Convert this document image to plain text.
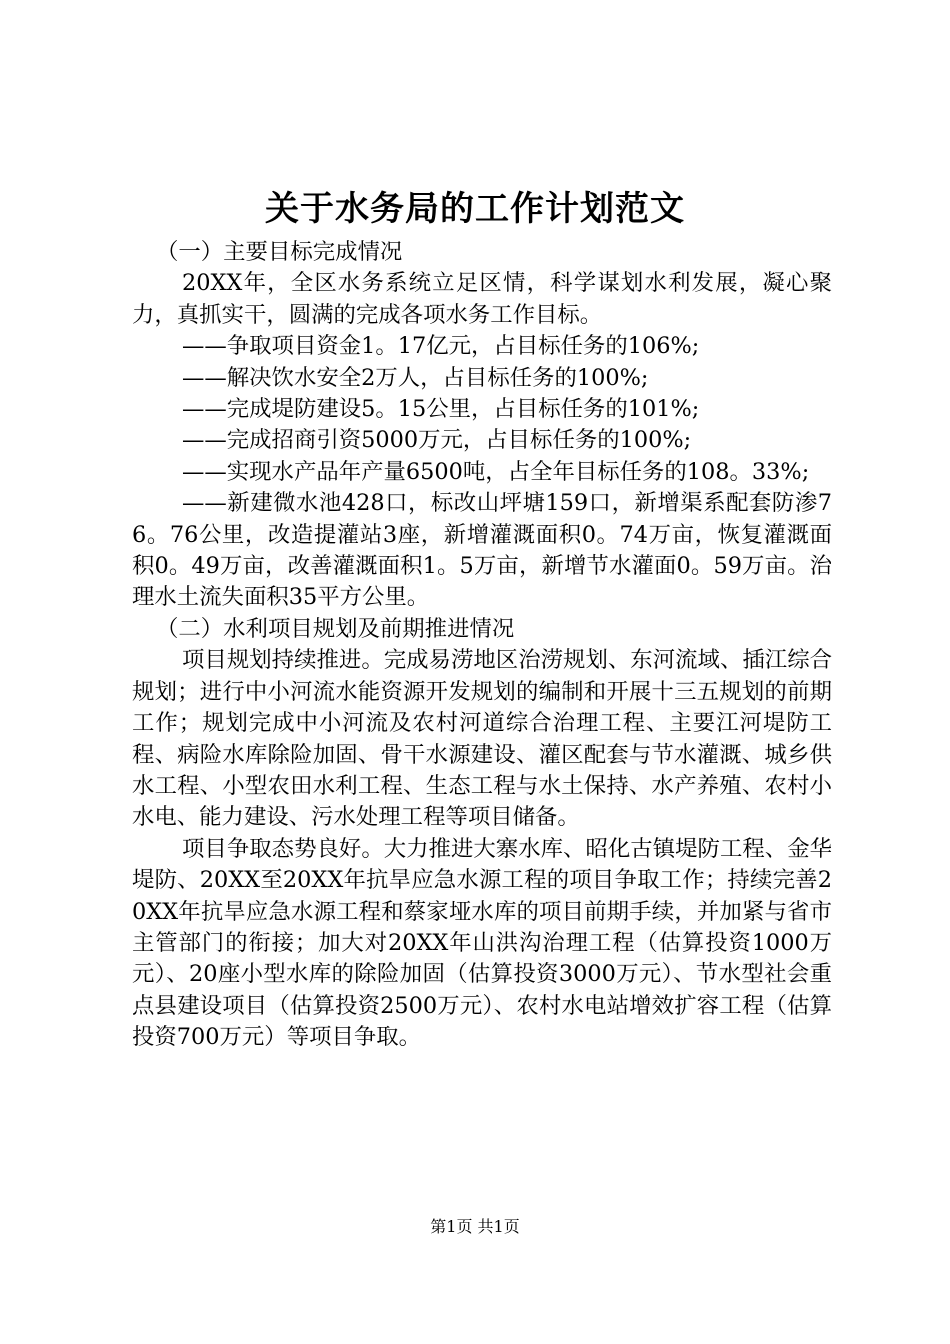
关于水务局的工作计划范文

（一）主要目标完成情况

20XX年，全区水务系统立足区情，科学谋划水利发展，凝心聚力，真抓实干，圆满的完成各项水务工作目标。

——争取项目资金1。17亿元，占目标任务的106%;

——解决饮水安全2万人，占目标任务的100%;

——完成堤防建设5。15公里，占目标任务的101%;

——完成招商引资5000万元，占目标任务的100%;

——实现水产品年产量6500吨，占全年目标任务的108。33%;

——新建微水池428口，标改山坪塘159口，新增渠系配套防渗76。76公里，改造提灌站3座，新增灌溉面积0。74万亩，恢复灌溉面积0。49万亩，改善灌溉面积1。5万亩，新增节水灌面0。59万亩。治理水土流失面积35平方公里。

（二）水利项目规划及前期推进情况

项目规划持续推进。完成易涝地区治涝规划、东河流域、插江综合规划；进行中小河流水能资源开发规划的编制和开展十三五规划的前期工作；规划完成中小河流及农村河道综合治理工程、主要江河堤防工程、病险水库除险加固、骨干水源建设、灌区配套与节水灌溉、城乡供水工程、小型农田水利工程、生态工程与水土保持、水产养殖、农村小水电、能力建设、污水处理工程等项目储备。

项目争取态势良好。大力推进大寨水库、昭化古镇堤防工程、金华堤防、20XX至20XX年抗旱应急水源工程的项目争取工作；持续完善20XX年抗旱应急水源工程和蔡家垭水库的项目前期手续，并加紧与省市主管部门的衔接；加大对20XX年山洪沟治理工程（估算投资1000万元）、20座小型水库的除险加固（估算投资3000万元）、节水型社会重点县建设项目（估算投资2500万元）、农村水电站增效扩容工程（估算投资700万元）等项目争取。

第1页 共1页
